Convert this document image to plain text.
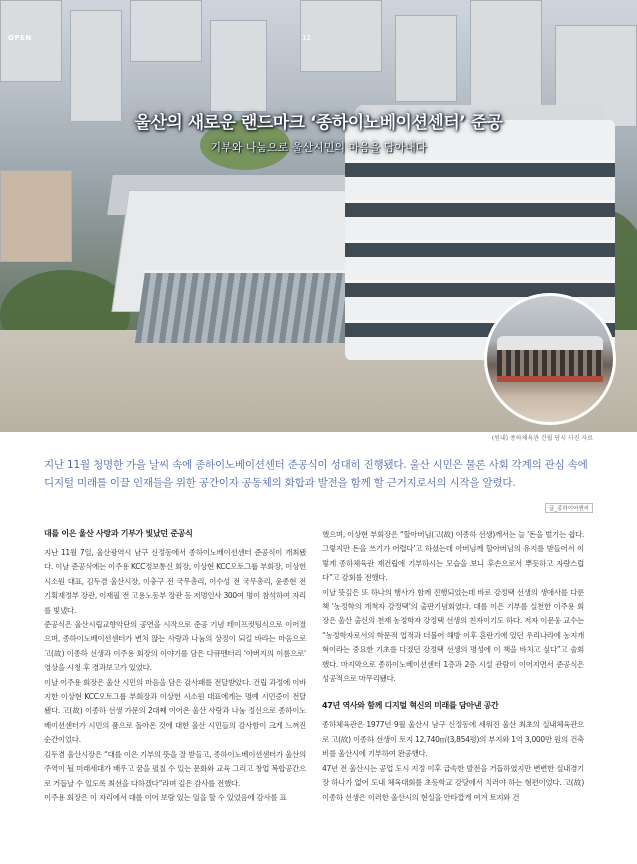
OPEN	12
울산의 새로운 랜드마크 ‘종하이노베이션센터’ 준공
기부와 나눔으로 울산시민의 마음을 담아내다
(원내) 종하체육관 건립 당시 사진 자료
지난 11월 청명한 가을 날씨 속에 종하이노베이션센터 준공식이 성대히 진행됐다. 울산 시민은 물론 사회 각계의 관심 속에 디지털 미래를 이끌 인재들을 위한 공간이자 공동체의 화합과 발전을 함께 할 근거지로서의 시작을 알렸다.
글_종하이어앤씨
대를 이은 울산 사랑과 기부가 빛났던 준공식

지난 11월 7일, 울산광역시 남구 신정동에서 종하이노베이션센터 준공식이 개최됐다. 이날 준공식에는 이주용 KCC정보통신 회장, 이상현 KCC오토그룹 부회장, 이상헌 시소원 대표, 김두겸 울산시장, 이충구 전 국무총리, 이수성 전 국무총리, 윤종현 전 기획재정부 장관, 이재필 전 고용노동부 장관 등 저명인사 300여 명이 참석하여 자리를 빛냈다.

준공식은 울산시립교향악단의 공연을 시작으로 준공 기념 테이프컷팅식으로 이어졌으며, 종하이노베이션센터가 변치 않는 사랑과 나눔의 상징이 되길 바라는 마음으로 고(故) 이종하 선생과 이주용 회장의 이야기를 담은 다큐멘터리 ‘아버지의 이름으로’ 영상을 시청 후 경과보고가 있었다.

이날 이주용 회장은 울산 시민의 마음을 담은 감사패를 전달받았다. 건립 과정에 이바지한 이상현 KCC오토그룹 부회장과 이상헌 시소원 대표에게는 명예 시민증이 전달됐다. 고(故) 이종하 선생 가문의 2대째 이어온 울산 사랑과 나눔 정신으로 종하이노베이션센터가 시민의 품으로 돌아온 것에 대한 울산 시민들의 감사함이 크게 느껴진 순간이었다.

김두겸 울산시장은 “대를 이은 기부의 뜻을 잘 받들고, 종하이노베이션센터가 울산의 주역이 될 미래세대가 배우고 꿈을 펼칠 수 있는 문화와 교육 그리고 창업 복합공간으로 거듭날 수 있도록 최선을 다하겠다”라며 깊은 감사를 전했다.

이주용 회장은 이 자리에서 대를 이어 보람 있는 일을 할 수 있었음에 감사를 표

했으며, 이상현 부회장은 “할아버님(고(故) 이종하 선생)께서는 늘 ‘돈을 벌기는 쉽다. 그렇지만 돈을 쓰기가 어렵다’고 하셨는데 아버님께 할아버님의 유지를 받들어서 이렇게 종하체육관 재건립에 기부하시는 모습을 보니 후손으로서 뿌듯하고 자랑스럽다”고 감회를 전했다.

이날 뜻깊은 또 하나의 행사가 함께 진행되었는데 바로 강정택 선생의 생애사를 다룬 책 ‘농정학의 개척자 강정택’의 출판기념회였다. 대를 이은 기부를 실천한 이주용 회장은 울산 출신의 천재 농정학자 강정택 선생의 친자이기도 하다. 저자 이문웅 교수는 “농정학자로서의 학문적 업적과 더불어 해방 이후 혼란기에 있던 우리나라에 농지개혁이라는 중요한 기초를 다졌던 강정택 선생의 명성에 이 책을 바치고 싶다”고 술회했다. 마지막으로 종하이노베이션센터 1층과 2층 시설 관람이 이어지면서 준공식은 성공적으로 마무리됐다.

47년 역사와 함께 디지털 혁신의 미래를 담아낸 공간

종하체육관은 1977년 9월 울산시 남구 신정동에 세워진 울산 최초의 실내체육관으로 고(故) 이종하 선생이 토지 12,740㎡(3,854평)의 부지와 1억 3,000만 원의 건축비를 울산시에 기부하여 완공했다.

47년 전 울산시는 공업 도시 지정 이후 급속한 발전을 거듭하였지만 변변한 실내경기장 하나가 없어 도내 체육대회를 초등학교 강당에서 치러야 하는 형편이었다. 고(故) 이종하 선생은 이러한 울산시의 현실을 안타깝게 여겨 토지와 건
